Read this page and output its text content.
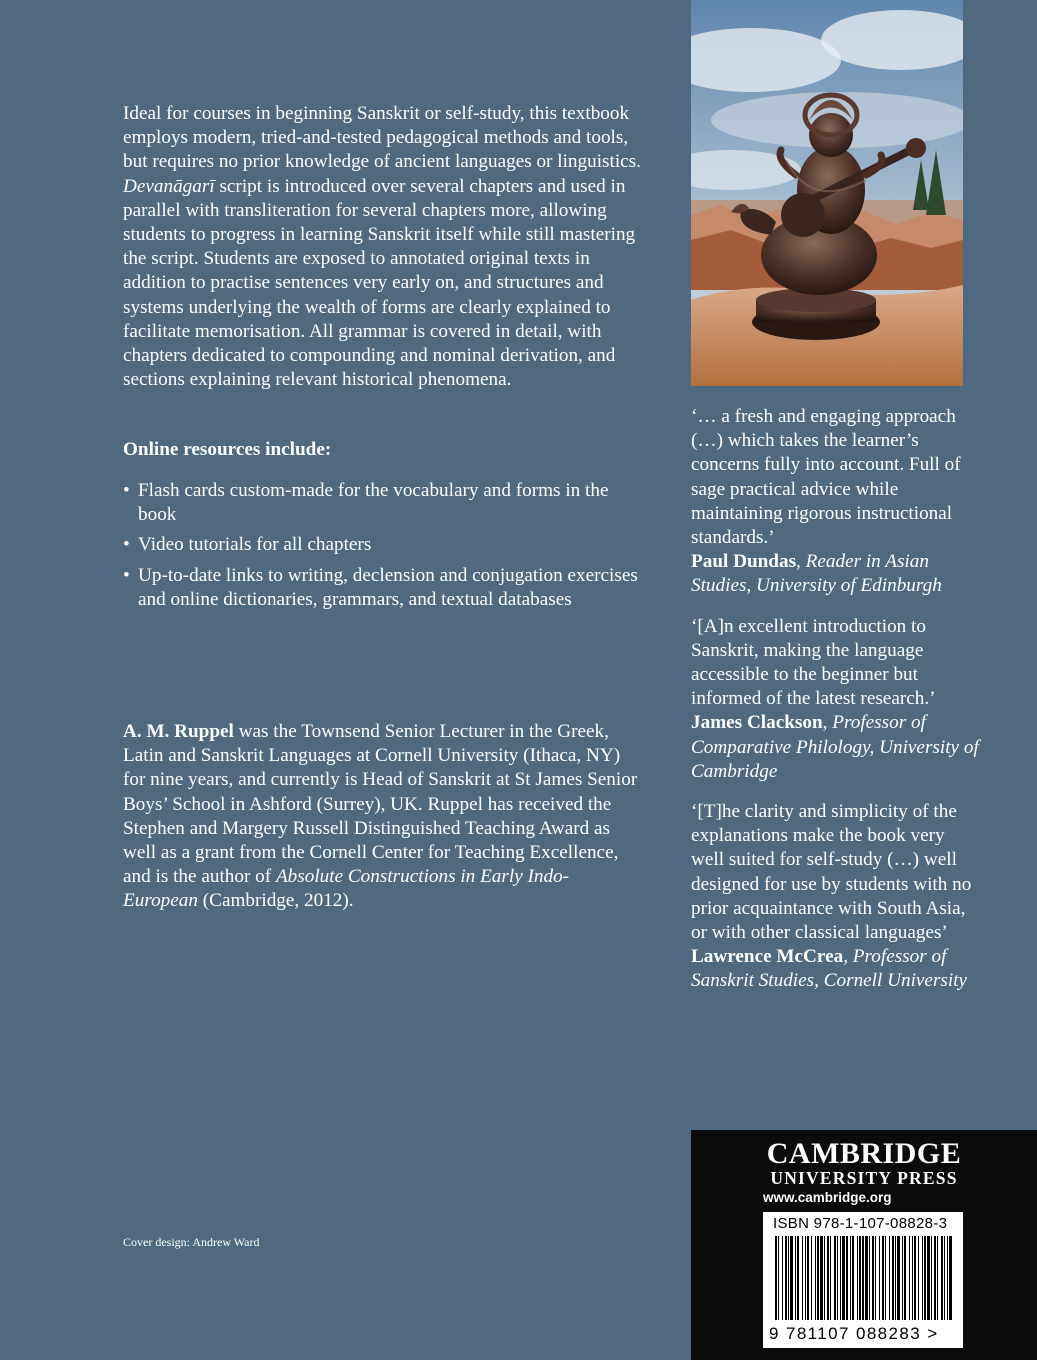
Ideal for courses in beginning Sanskrit or self-study, this textbook employs modern, tried-and-tested pedagogical methods and tools, but requires no prior knowledge of ancient languages or linguistics. Devanāgarī script is introduced over several chapters and used in parallel with transliteration for several chapters more, allowing students to progress in learning Sanskrit itself while still mastering the script. Students are exposed to annotated original texts in addition to practise sentences very early on, and structures and systems underlying the wealth of forms are clearly explained to facilitate memorisation. All grammar is covered in detail, with chapters dedicated to compounding and nominal derivation, and sections explaining relevant historical phenomena.

Online resources include:

• Flash cards custom-made for the vocabulary and forms in the book
• Video tutorials for all chapters
• Up-to-date links to writing, declension and conjugation exercises and online dictionaries, grammars, and textual databases

A. M. Ruppel was the Townsend Senior Lecturer in the Greek, Latin and Sanskrit Languages at Cornell University (Ithaca, NY) for nine years, and currently is Head of Sanskrit at St James Senior Boys’ School in Ashford (Surrey), UK. Ruppel has received the Stephen and Margery Russell Distinguished Teaching Award as well as a grant from the Cornell Center for Teaching Excellence, and is the author of Absolute Constructions in Early Indo-European (Cambridge, 2012).

Cover design: Andrew Ward

‘… a fresh and engaging approach (…) which takes the learner’s concerns fully into account. Full of sage practical advice while maintaining rigorous instructional standards.’

Paul Dundas, Reader in Asian Studies, University of Edinburgh

‘[A]n excellent introduction to Sanskrit, making the language accessible to the beginner but informed of the latest research.’

James Clackson, Professor of Comparative Philology, University of Cambridge

‘[T]he clarity and simplicity of the explanations make the book very well suited for self-study (…) well designed for use by students with no prior acquaintance with South Asia, or with other classical languages’

Lawrence McCrea, Professor of Sanskrit Studies, Cornell University

CAMBRIDGE
UNIVERSITY PRESS
www.cambridge.org
ISBN 978-1-107-08828-3
9 781107 088283 >
